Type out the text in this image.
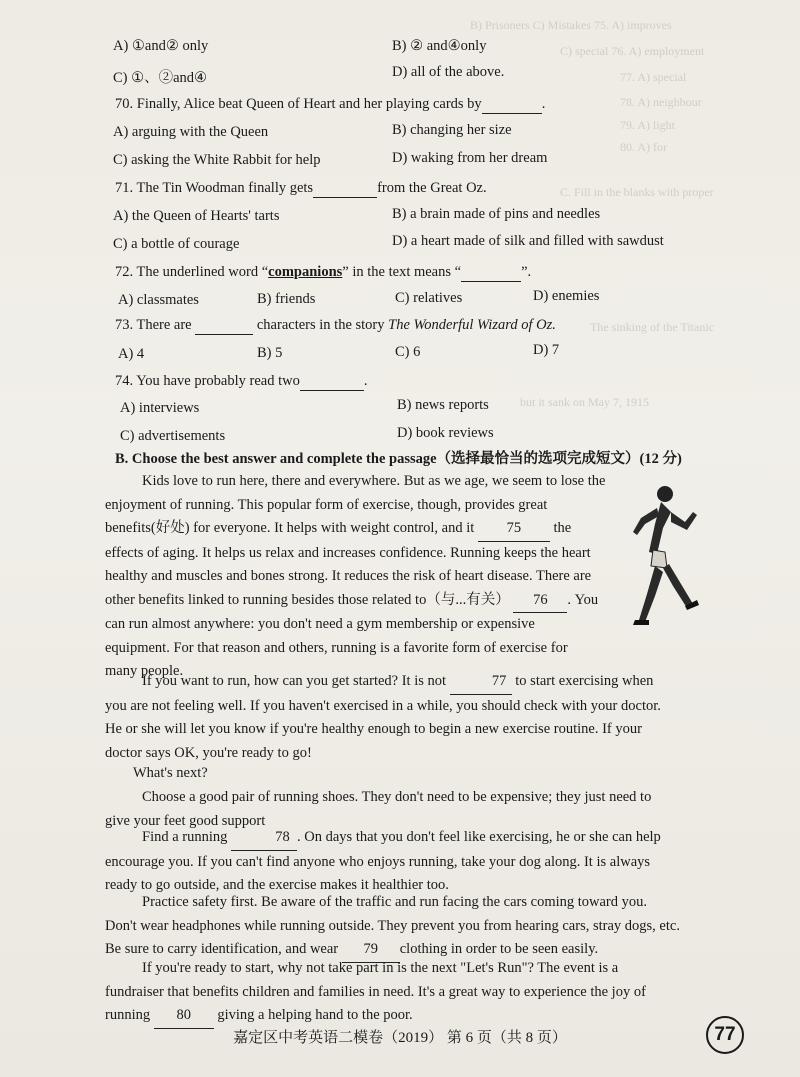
B) Prisoners C) Mistakes 75. A) improves
C) special 76. A) employment
77. A) special
78. A) neighbour
79. A) light
80. A) for
C. Fill in the blanks with proper
The sinking of the Titanic
but it sank on May 7, 1915
A) ①and② only	B) ② and④only
C) ①、②and④	D) all of the above.
70. Finally, Alice beat Queen of Heart and her playing cards by	.
A) arguing with the Queen	B) changing her size
C) asking the White Rabbit for help	D) waking from her dream
71. The Tin Woodman finally gets	from the Great Oz.
A) the Queen of Hearts' tarts	B) a brain made of pins and needles
C) a bottle of courage	D) a heart made of silk and filled with sawdust
72. The underlined word “companions” in the text means “	”.
A) classmates	B) friends	C) relatives	D) enemies
73. There are	characters in the story The Wonderful Wizard of Oz.
A) 4	B) 5	C) 6	D) 7
74. You have probably read two	.
A) interviews	B) news reports
C) advertisements	D) book reviews
B. Choose the best answer and complete the passage（选择最恰当的选项完成短文）(12 分)

Kids love to run here, there and everywhere. But as we age, we seem to lose the

enjoyment of running. This popular form of exercise, though, provides great

benefits(好处) for everyone. It helps with weight control, and it 75 the

effects of aging. It helps us relax and increases confidence. Running keeps the heart

healthy and muscles and bones strong. It reduces the risk of heart disease. There are

other benefits linked to running besides those related to（与...有关） 76 . You

can run almost anywhere: you don't need a gym membership or expensive

equipment. For that reason and others, running is a favorite form of exercise for

many people.

If you want to run, how can you get started? It is not	77 to start exercising when

you are not feeling well. If you haven't exercised in a while, you should check with your doctor.

He or she will let you know if you're healthy enough to begin a new exercise routine. If your

doctor says OK, you're ready to go!

What's next?

Choose a good pair of running shoes. They don't need to be expensive; they just need to

give your feet good support

Find a running	78 . On days that you don't feel like exercising, he or she can help

encourage you. If you can't find anyone who enjoys running, take your dog along. It is always

ready to go outside, and the exercise makes it healthier too.

Practice safety first. Be aware of the traffic and run facing the cars coming toward you.

Don't wear headphones while running outside. They prevent you from hearing cars, stray dogs, etc.

Be sure to carry identification, and wear 79 clothing in order to be seen easily.

If you're ready to start, why not take part in is the next "Let's Run"? The event is a

fundraiser that benefits children and families in need. It's a great way to experience the joy of

running 80 giving a helping hand to the poor.

嘉定区中考英语二模卷（2019） 第 6 页（共 8 页）	77
